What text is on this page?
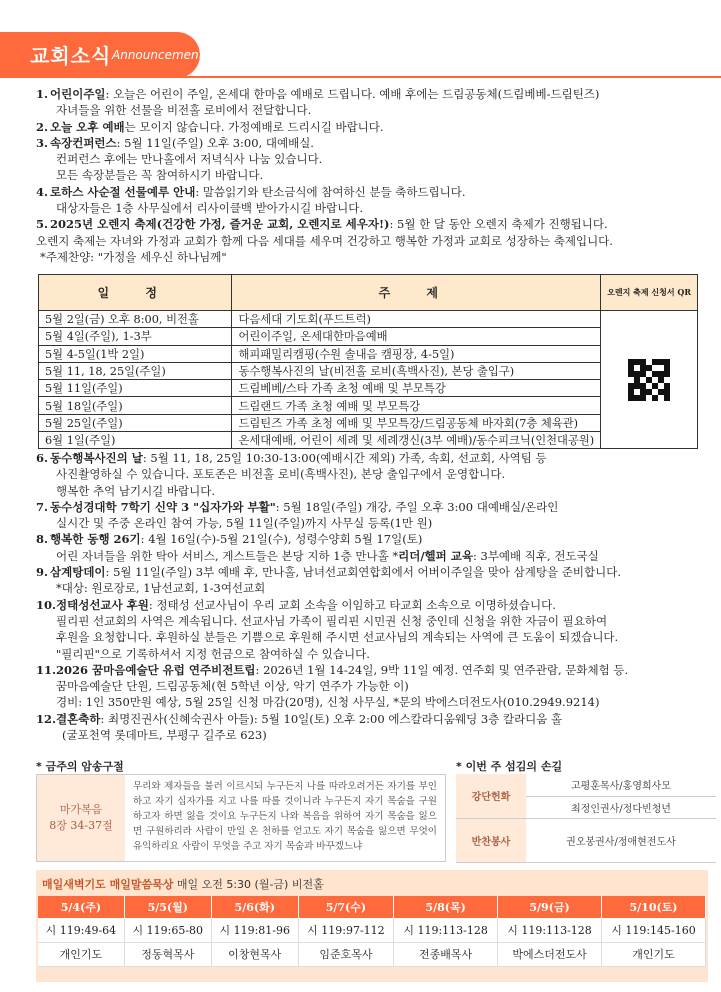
교회소식 Announcement
1. 어린이주일: 오늘은 어린이 주일, 온세대 한마음 예배로 드립니다. 예배 후에는 드림공동체(드림베베-드림틴즈)
자녀들을 위한 선물을 비전홀 로비에서 전달합니다.
2. 오늘 오후 예배는 모이지 않습니다. 가정예배로 드리시길 바랍니다.
3. 속장컨퍼런스: 5월 11일(주일) 오후 3:00, 대예배실.
컨퍼런스 후에는 만나홀에서 저녁식사 나눔 있습니다.
모든 속장분들은 꼭 참여하시기 바랍니다.
4. 로하스 사순절 선물예루 안내: 말씀읽기와 탄소금식에 참여하신 분들 축하드립니다.
대상자들은 1층 사무실에서 리사이클백 받아가시길 바랍니다.
5. 2025년 오렌지 축제(건강한 가정, 즐거운 교회, 오렌지로 세우자!): 5월 한 달 동안 오렌지 축제가 진행됩니다.
오렌지 축제는 자녀와 가정과 교회가 함께 다음 세대를 세우며 건강하고 행복한 가정과 교회로 성장하는 축제입니다.
*주제찬양: "가정을 세우신 하나님께"
일 정	주 제	오렌지 축제 신청서 QR
5월 2일(금) 오후 8:00, 비전홀	다음세대 기도회(푸드트럭)	

5월 4일(주일), 1-3부	어린이주일, 온세대한마음예배	
5월 4-5일(1박 2일)	해피패밀리캠핑(수원 솔내음 캠핑장, 4-5일)	
5월 11, 18, 25일(주일)	동수행복사진의 날(비전홀 로비(흑백사진), 본당 출입구)	
5월 11일(주일)	드림베베/스타 가족 초청 예배 및 부모특강	
5월 18일(주일)	드림랜드 가족 초청 예배 및 부모특강	
5월 25일(주일)	드림틴즈 가족 초청 예배 및 부모특강/드림공동체 바자회(7층 체육관)	
6월 1일(주일)	온세대예배, 어린이 세례 및 세례갱신(3부 예배)/동수피크닉(인천대공원)	
6. 동수행복사진의 날: 5월 11, 18, 25일 10:30-13:00(예배시간 제외) 가족, 속회, 선교회, 사역팀 등
사진촬영하실 수 있습니다. 포토존은 비전홀 로비(흑백사진), 본당 출입구에서 운영합니다.
행복한 추억 남기시길 바랍니다.
7. 동수성경대학 7학기 신약 3 "십자가와 부활": 5월 18일(주일) 개강, 주일 오후 3:00 대예배실/온라인
실시간 및 주중 온라인 참여 가능, 5월 11일(주일)까지 사무실 등록(1만 원)
8. 행복한 동행 26기: 4월 16일(수)-5월 21일(수), 성령수양회 5월 17일(토)
어린 자녀들을 위한 탁아 서비스, 게스트들은 본당 지하 1층 만나홀 *리더/헬퍼 교육: 3부예배 직후, 전도국실
9. 삼계탕데이: 5월 11일(주일) 3부 예배 후, 만나홀, 남녀선교회연합회에서 어버이주일을 맞아 삼계탕을 준비합니다.
*대상: 원로장로, 1남선교회, 1-3여선교회
10. 정태성선교사 후원: 정태성 선교사님이 우리 교회 소속을 이임하고 타교회 소속으로 이명하셨습니다.
필리핀 선교회의 사역은 계속됩니다. 선교사님 가족이 필리핀 시민권 신청 중인데 신청을 위한 자금이 필요하여
후원을 요청합니다. 후원하실 분들은 기쁨으로 후원해 주시면 선교사님의 계속되는 사역에 큰 도움이 되겠습니다.
"필리핀"으로 기록하셔서 지정 헌금으로 참여하실 수 있습니다.
11. 2026 꿈마음예술단 유럽 연주비전트립: 2026년 1월 14-24일, 9박 11일 예정. 연주회 및 연주관람, 문화체험 등.
꿈마음예술단 단원, 드림공동체(현 5학년 이상, 악기 연주가 가능한 이)
경비: 1인 350만원 예상, 5월 25일 신청 마감(20명), 신청 사무실, *문의 박에스더전도사(010.2949.9214)
12. 결혼축하: 최명진권사(신혜숙권사 아들): 5월 10일(토) 오후 2:00 에스칼라디움웨딩 3층 칼라디움 홀
(굴포천역 롯데마트, 부평구 길주로 623)
* 금주의 암송구절
마가복음
8장 34-37절
무리와 제자들을 불러 이르시되 누구든지 나를 따라오려거든 자기를 부인하고 자기 십자가를 지고 나를 따를 것이니라 누구든지 자기 목숨을 구원하고자 하면 잃을 것이요 누구든지 나와 복음을 위하여 자기 목숨을 잃으면 구원하리라 사람이 만일 온 천하를 얻고도 자기 목숨을 잃으면 무엇이 유익하리요 사람이 무엇을 주고 자기 목숨과 바꾸겠느냐
* 이번 주 섬김의 손길
강단헌화	고평훈목사/홍영희사모
	최정인권사/정다빈청년
반찬봉사	권오봉권사/정애현전도사
매일새벽기도 매일말씀묵상 매일 오전 5:30 (월-금) 비전홀
5/4(주)	5/5(월)	5/6(화)	5/7(수)	5/8(목)	5/9(금)	5/10(토)
시 119:49-64	시 119:65-80	시 119:81-96	시 119:97-112	시 119:113-128	시 119:113-128	시 119:145-160
개인기도	정동혁목사	이창현목사	임준호목사	전종배목사	박에스더전도사	개인기도
